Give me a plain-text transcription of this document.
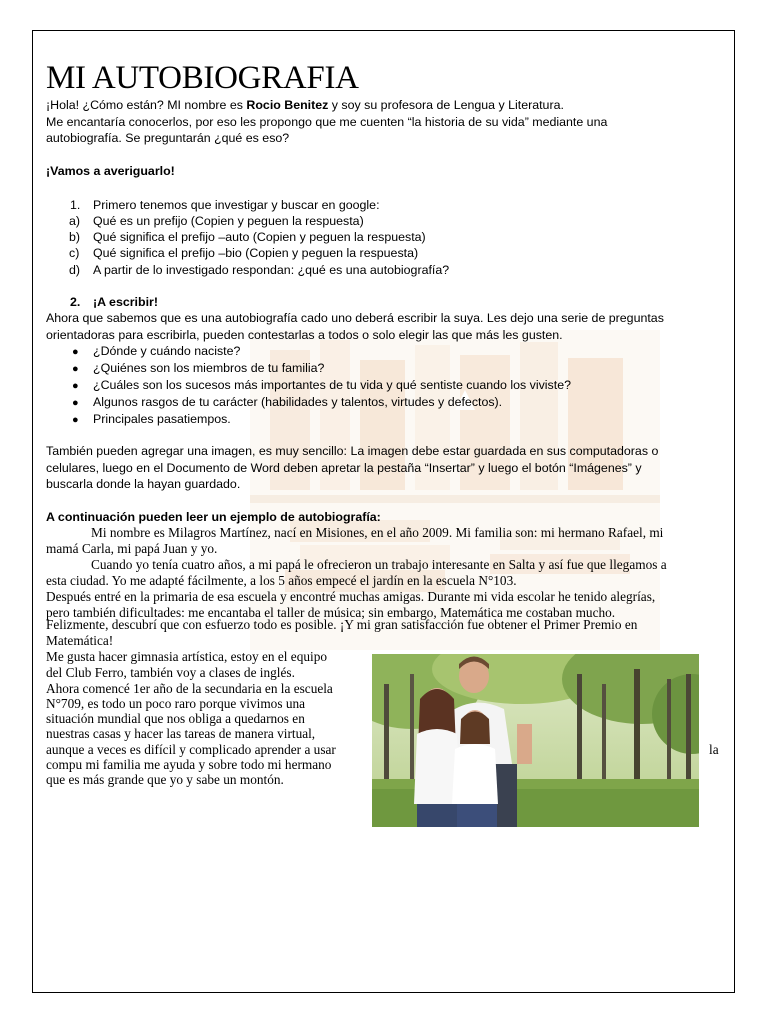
MI AUTOBIOGRAFIA
¡Hola! ¿Cómo están? MI nombre es Rocio Benitez y soy su profesora de Lengua y Literatura.
Me encantaría conocerlos, por eso les propongo que me cuenten “la historia de su vida” mediante una
autobiografía. Se preguntarán ¿qué es eso?
¡Vamos a averiguarlo!
1. Primero tenemos que investigar y buscar en google:
a) Qué es un prefijo (Copien y peguen la respuesta)
b) Qué significa el prefijo –auto (Copien y peguen la respuesta)
c) Qué significa el prefijo –bio (Copien y peguen la respuesta)
d) A partir de lo investigado respondan: ¿qué es una autobiografía?
2. ¡A escribir!
Ahora que sabemos que es una autobiografía cado uno deberá escribir la suya. Les dejo una serie de preguntas
orientadoras para escribirla, pueden contestarlas a todos o solo elegir las que más les gusten.
● ¿Dónde y cuándo naciste?
● ¿Quiénes son los miembros de tu familia?
● ¿Cuáles son los sucesos más importantes de tu vida y qué sentiste cuando los viviste?
● Algunos rasgos de tu carácter (habilidades y talentos, virtudes y defectos).
● Principales pasatiempos.
También pueden agregar una imagen, es muy sencillo: La imagen debe estar guardada en sus computadoras o
celulares, luego en el Documento de Word deben apretar la pestaña “Insertar” y luego el botón “Imágenes” y
buscarla donde la hayan guardado.
A continuación pueden leer un ejemplo de autobiografía:
Mi nombre es Milagros Martínez, nací en Misiones, en el año 2009. Mi familia son: mi hermano Rafael, mi
mamá Carla, mi papá Juan y yo.
Cuando yo tenía cuatro años, a mi papá le ofrecieron un trabajo interesante en Salta y así fue que llegamos a
esta ciudad. Yo me adapté fácilmente, a los 5 años empecé el jardín en la escuela N°103.
Después entré en la primaria de esa escuela y encontré muchas amigas. Durante mi vida escolar he tenido alegrías,
pero también dificultades: me encantaba el taller de música; sin embargo, Matemática me costaban mucho.
Felizmente, descubrí que con esfuerzo todo es posible. ¡Y mi gran satisfacción fue obtener el Primer Premio en
Matemática!
Me gusta hacer gimnasia artística, estoy en el equipo
del Club Ferro, también voy a clases de inglés.
Ahora comencé 1er año de la secundaria en la escuela
N°709, es todo un poco raro porque vivimos una
situación mundial que nos obliga a quedarnos en
nuestras casas y hacer las tareas de manera virtual,
aunque a veces es difícil y complicado aprender a usar
compu mi familia me ayuda y sobre todo mi hermano
que es más grande que yo y sabe un montón.
la
